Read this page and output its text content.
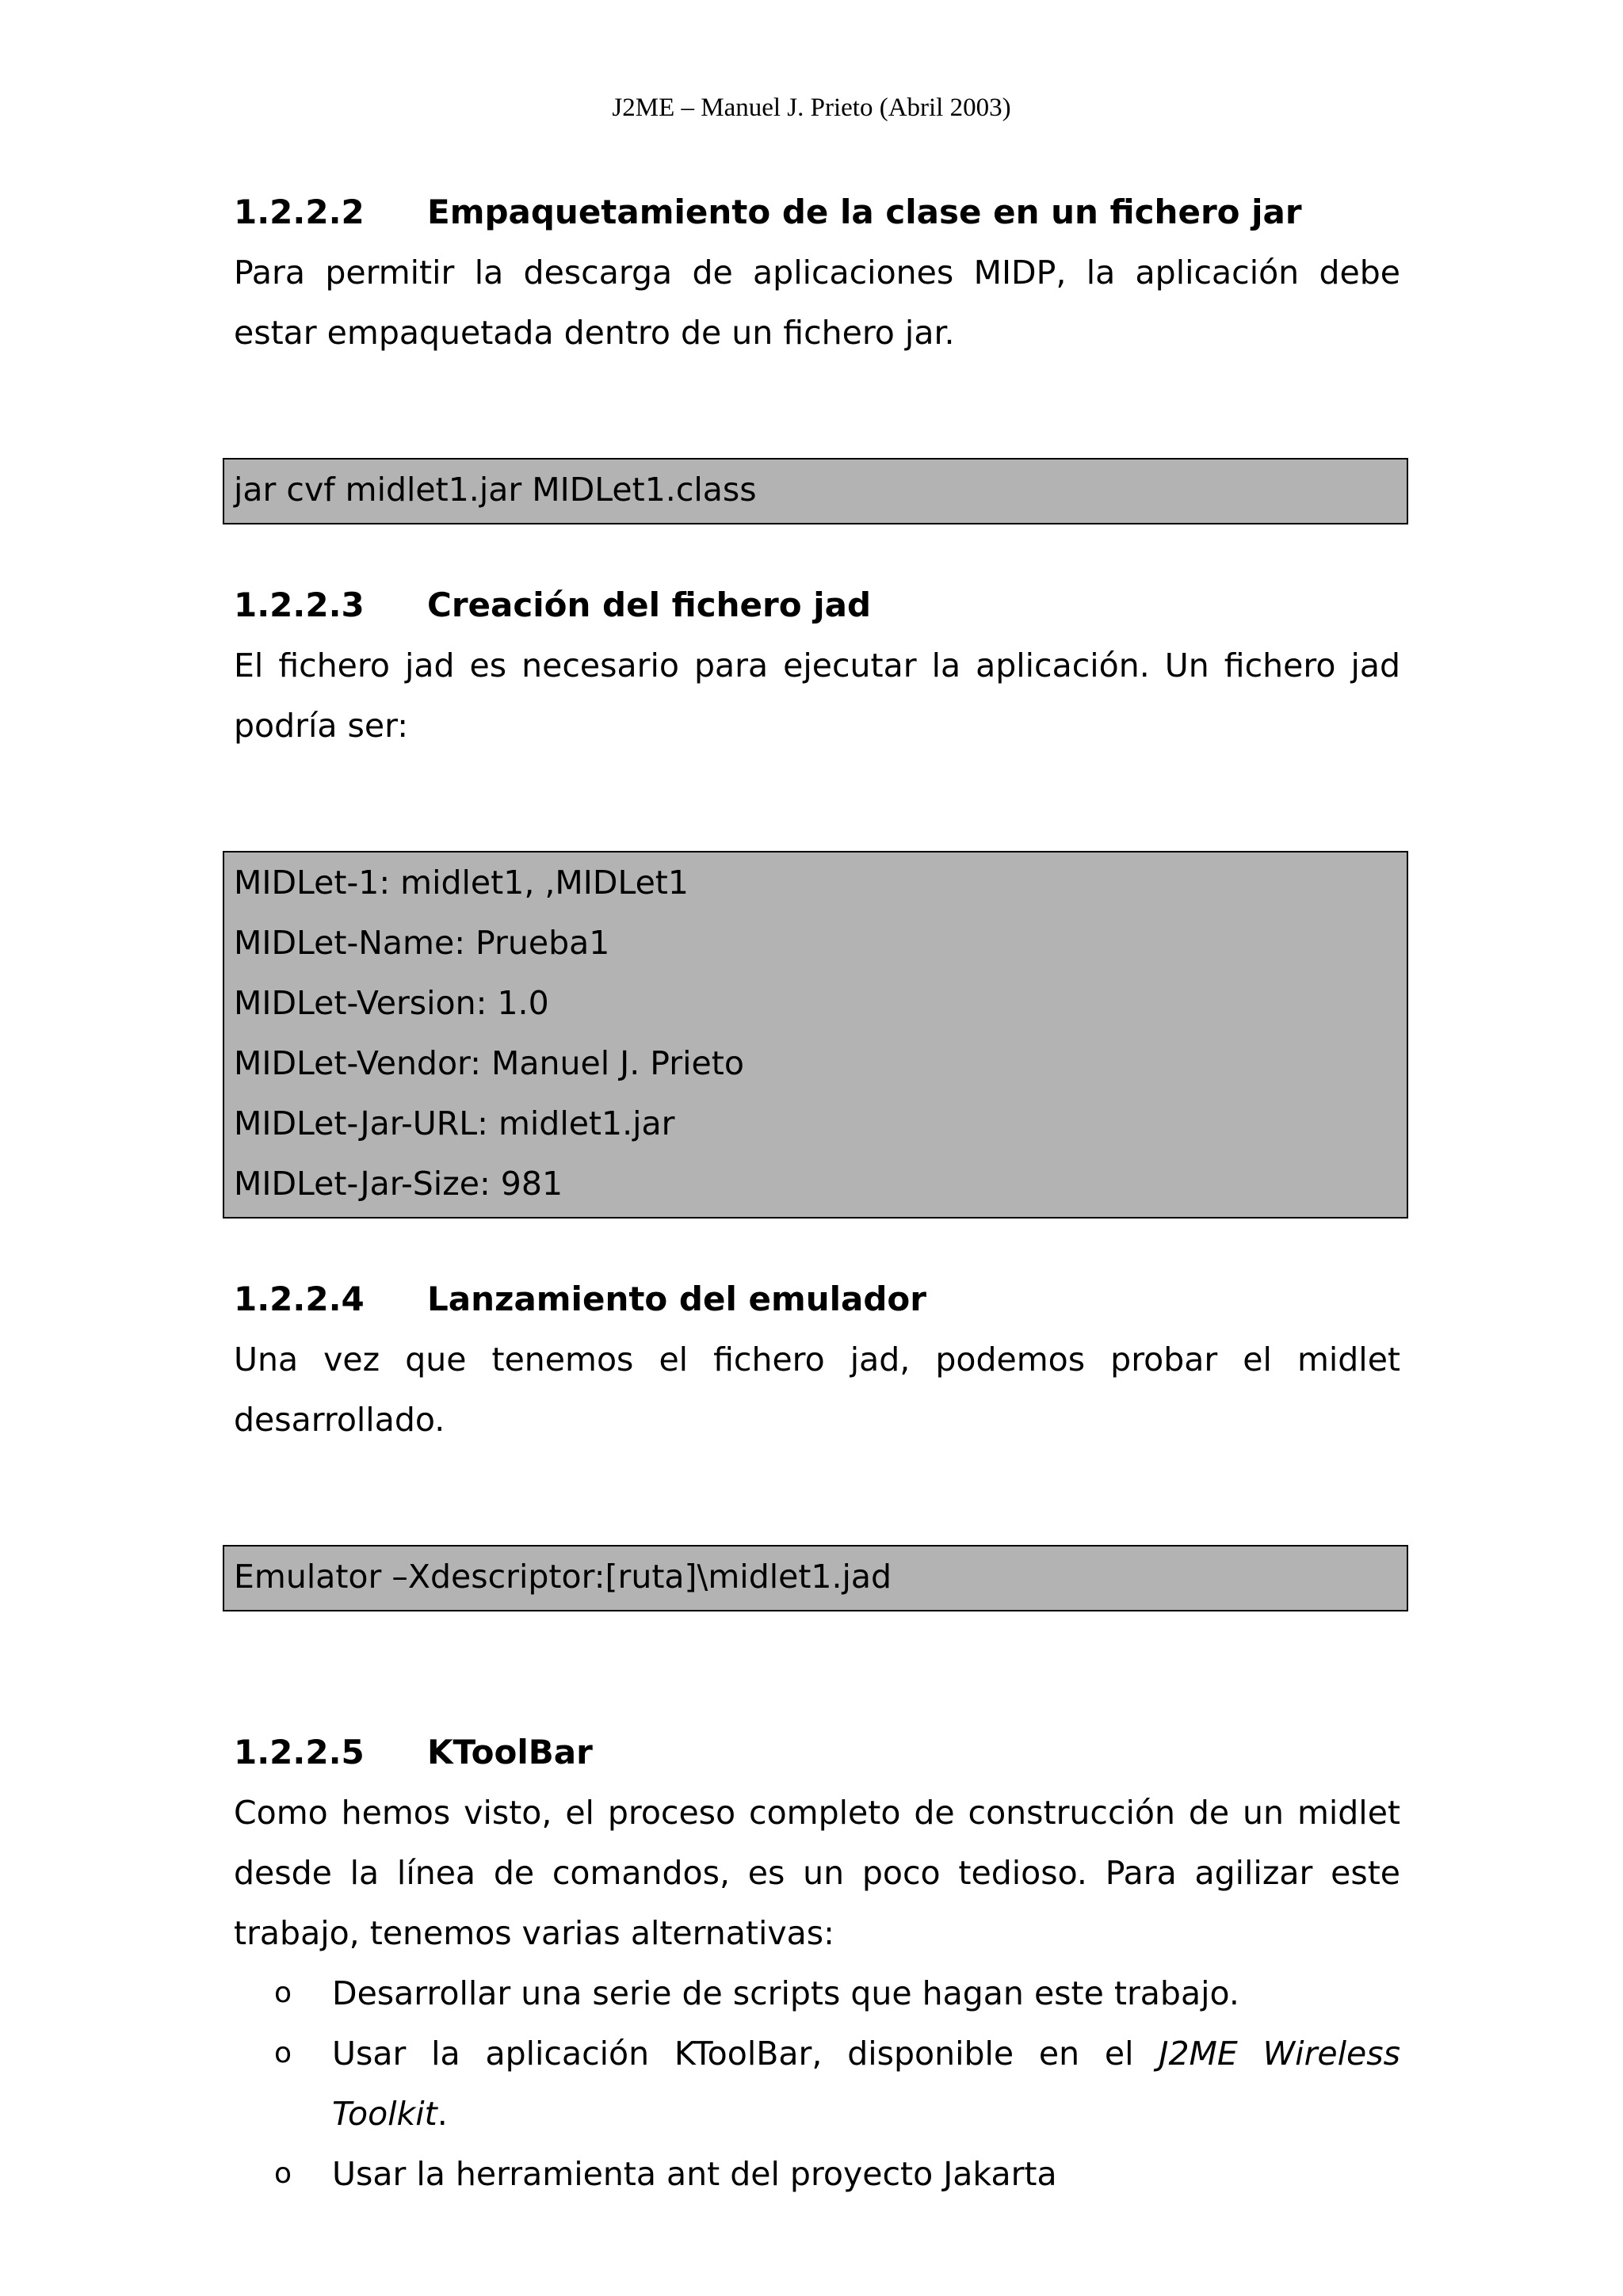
J2ME – Manuel J. Prieto (Abril 2003)
1.2.2.2	Empaquetamiento de la clase en un fichero jar

Para permitir la descarga de aplicaciones MIDP, la aplicación debe estar empaquetada dentro de un fichero jar.

jar cvf midlet1.jar MIDLet1.class
1.2.2.3	Creación del fichero jad

El fichero jad es necesario para ejecutar la aplicación. Un fichero jad podría ser:

MIDLet-1: midlet1, ,MIDLet1
MIDLet-Name: Prueba1
MIDLet-Version: 1.0
MIDLet-Vendor: Manuel J. Prieto
MIDLet-Jar-URL: midlet1.jar
MIDLet-Jar-Size: 981
1.2.2.4	Lanzamiento del emulador

Una vez que tenemos el fichero jad, podemos probar el midlet desarrollado.

Emulator –Xdescriptor:[ruta]\midlet1.jad
1.2.2.5	KToolBar

Como hemos visto, el proceso completo de construcción de un midlet desde la línea de comandos, es un poco tedioso. Para agilizar este trabajo, tenemos varias alternativas:

o	Desarrollar una serie de scripts que hagan este trabajo.
o	Usar la aplicación KToolBar, disponible en el J2ME Wireless Toolkit.
o	Usar la herramienta ant del proyecto Jakarta
